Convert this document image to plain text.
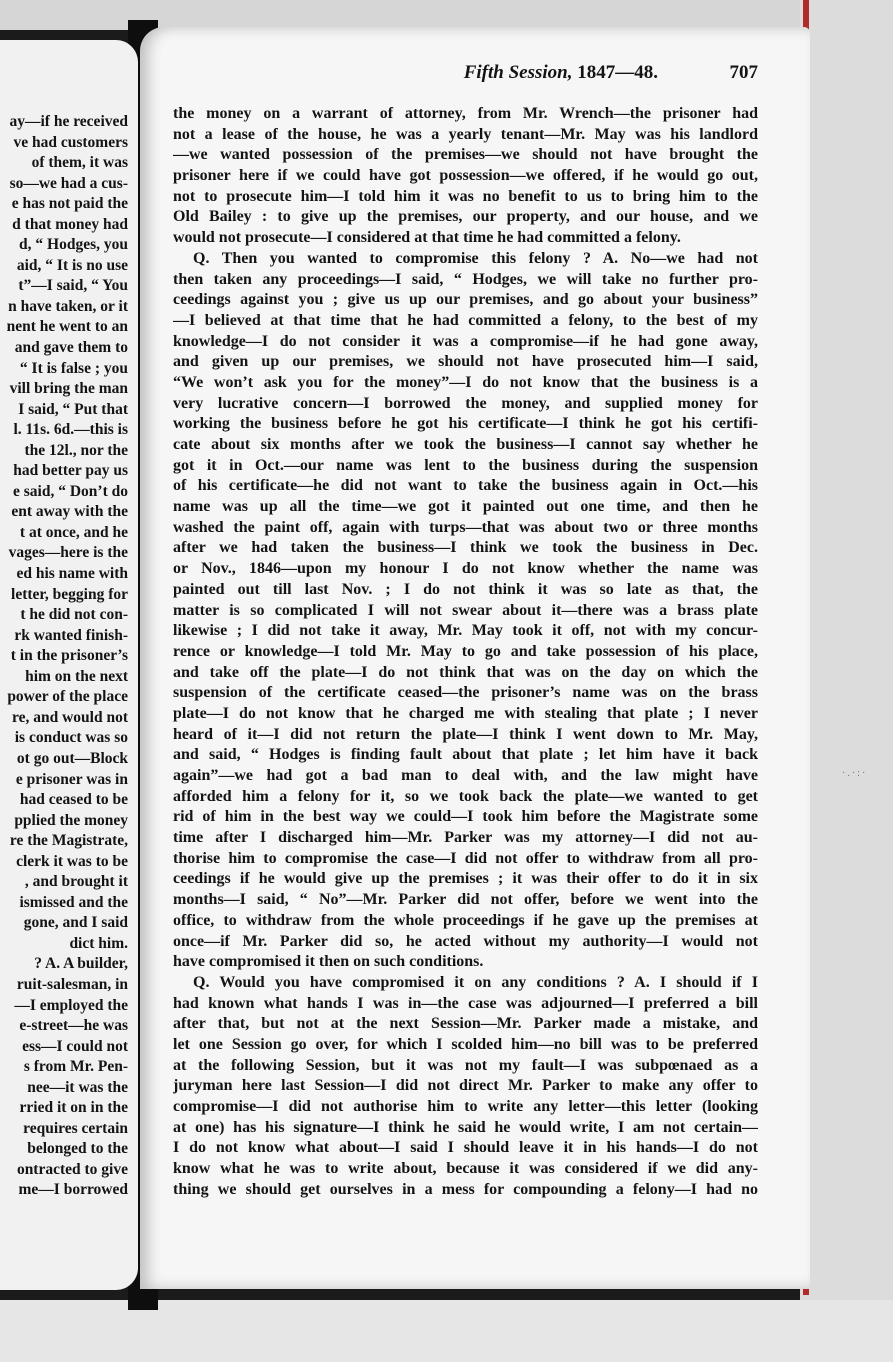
ay—if he received
ve had customers
of them, it was
so—we had a cus-
e has not paid the
d that money had
d, “ Hodges, you
aid, “ It is no use
t”—I said, “ You
n have taken, or it
nent he went to an
and gave them to
“ It is false ; you
vill bring the man
I said, “ Put that
l. 11s. 6d.—this is
the 12l., nor the
had better pay us
e said, “ Don’t do
ent away with the
t at once, and he
vages—here is the
ed his name with
letter, begging for
t he did not con-
rk wanted finish-
t in the prisoner’s
him on the next
power of the place
re, and would not
is conduct was so
ot go out—Block
e prisoner was in
had ceased to be
pplied the money
re the Magistrate,
clerk it was to be
, and brought it
ismissed and the
gone, and I said
dict him.
? A. A builder,
ruit-salesman, in
—I employed the
e-street—he was
ess—I could not
s from Mr. Pen-
nee—it was the
rried it on in the
requires certain
belonged to the
ontracted to give
me—I borrowed
Fifth Session, 1847—48.	707
the money on a warrant of attorney, from Mr. Wrench—the prisoner had
not a lease of the house, he was a yearly tenant—Mr. May was his landlord
—we wanted possession of the premises—we should not have brought the
prisoner here if we could have got possession—we offered, if he would go out,
not to prosecute him—I told him it was no benefit to us to bring him to the
Old Bailey : to give up the premises, our property, and our house, and we
would not prosecute—I considered at that time he had committed a felony.
Q. Then you wanted to compromise this felony ? A. No—we had not
then taken any proceedings—I said, “ Hodges, we will take no further pro-
ceedings against you ; give us up our premises, and go about your business”
—I believed at that time that he had committed a felony, to the best of my
knowledge—I do not consider it was a compromise—if he had gone away,
and given up our premises, we should not have prosecuted him—I said,
“We won’t ask you for the money”—I do not know that the business is a
very lucrative concern—I borrowed the money, and supplied money for
working the business before he got his certificate—I think he got his certifi-
cate about six months after we took the business—I cannot say whether he
got it in Oct.—our name was lent to the business during the suspension
of his certificate—he did not want to take the business again in Oct.—his
name was up all the time—we got it painted out one time, and then he
washed the paint off, again with turps—that was about two or three months
after we had taken the business—I think we took the business in Dec.
or Nov., 1846—upon my honour I do not know whether the name was
painted out till last Nov. ; I do not think it was so late as that, the
matter is so complicated I will not swear about it—there was a brass plate
likewise ; I did not take it away, Mr. May took it off, not with my concur-
rence or knowledge—I told Mr. May to go and take possession of his place,
and take off the plate—I do not think that was on the day on which the
suspension of the certificate ceased—the prisoner’s name was on the brass
plate—I do not know that he charged me with stealing that plate ; I never
heard of it—I did not return the plate—I think I went down to Mr. May,
and said, “ Hodges is finding fault about that plate ; let him have it back
again”—we had got a bad man to deal with, and the law might have
afforded him a felony for it, so we took back the plate—we wanted to get
rid of him in the best way we could—I took him before the Magistrate some
time after I discharged him—Mr. Parker was my attorney—I did not au-
thorise him to compromise the case—I did not offer to withdraw from all pro-
ceedings if he would give up the premises ; it was their offer to do it in six
months—I said, “ No”—Mr. Parker did not offer, before we went into the
office, to withdraw from the whole proceedings if he gave up the premises at
once—if Mr. Parker did so, he acted without my authority—I would not
have compromised it then on such conditions.
Q. Would you have compromised it on any conditions ? A. I should if I
had known what hands I was in—the case was adjourned—I preferred a bill
after that, but not at the next Session—Mr. Parker made a mistake, and
let one Session go over, for which I scolded him—no bill was to be preferred
at the following Session, but it was not my fault—I was subpœnaed as a
juryman here last Session—I did not direct Mr. Parker to make any offer to
compromise—I did not authorise him to write any letter—this letter (looking
at one) has his signature—I think he said he would write, I am not certain—
I do not know what about—I said I should leave it in his hands—I do not
know what he was to write about, because it was considered if we did any-
thing we should get ourselves in a mess for compounding a felony—I had no
·.·:·
